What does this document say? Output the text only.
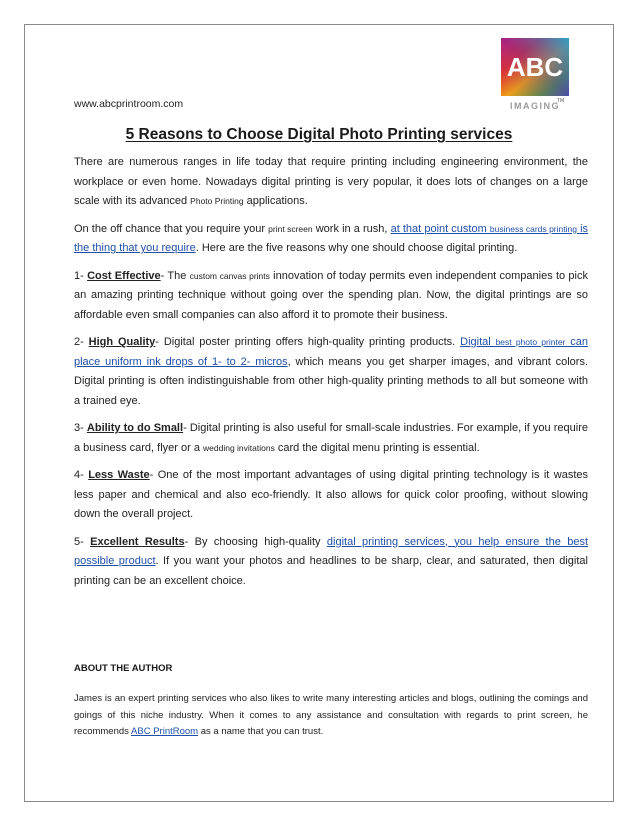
ABC
TM
IMAGING
www.abcprintroom.com
5 Reasons to Choose Digital Photo Printing services

There are numerous ranges in life today that require printing including engineering environment, the workplace or even home. Nowadays digital printing is very popular, it does lots of changes on a large scale with its advanced Photo Printing applications.

On the off chance that you require your print screen work in a rush, at that point custom business cards printing is the thing that you require. Here are the five reasons why one should choose digital printing.

1- Cost Effective- The custom canvas prints innovation of today permits even independent companies to pick an amazing printing technique without going over the spending plan. Now, the digital printings are so affordable even small companies can also afford it to promote their business.

2- High Quality- Digital poster printing offers high-quality printing products. Digital best photo printer can place uniform ink drops of 1- to 2- micros, which means you get sharper images, and vibrant colors. Digital printing is often indistinguishable from other high-quality printing methods to all but someone with a trained eye.

3- Ability to do Small- Digital printing is also useful for small-scale industries. For example, if you require a business card, flyer or a wedding invitations card the digital menu printing is essential.

4- Less Waste- One of the most important advantages of using digital printing technology is it wastes less paper and chemical and also eco-friendly. It also allows for quick color proofing, without slowing down the overall project.

5- Excellent Results- By choosing high-quality digital printing services, you help ensure the best possible product. If you want your photos and headlines to be sharp, clear, and saturated, then digital printing can be an excellent choice.

ABOUT THE AUTHOR
James is an expert printing services who also likes to write many interesting articles and blogs, outlining the comings and goings of this niche industry. When it comes to any assistance and consultation with regards to print screen, he recommends ABC PrintRoom as a name that you can trust.
